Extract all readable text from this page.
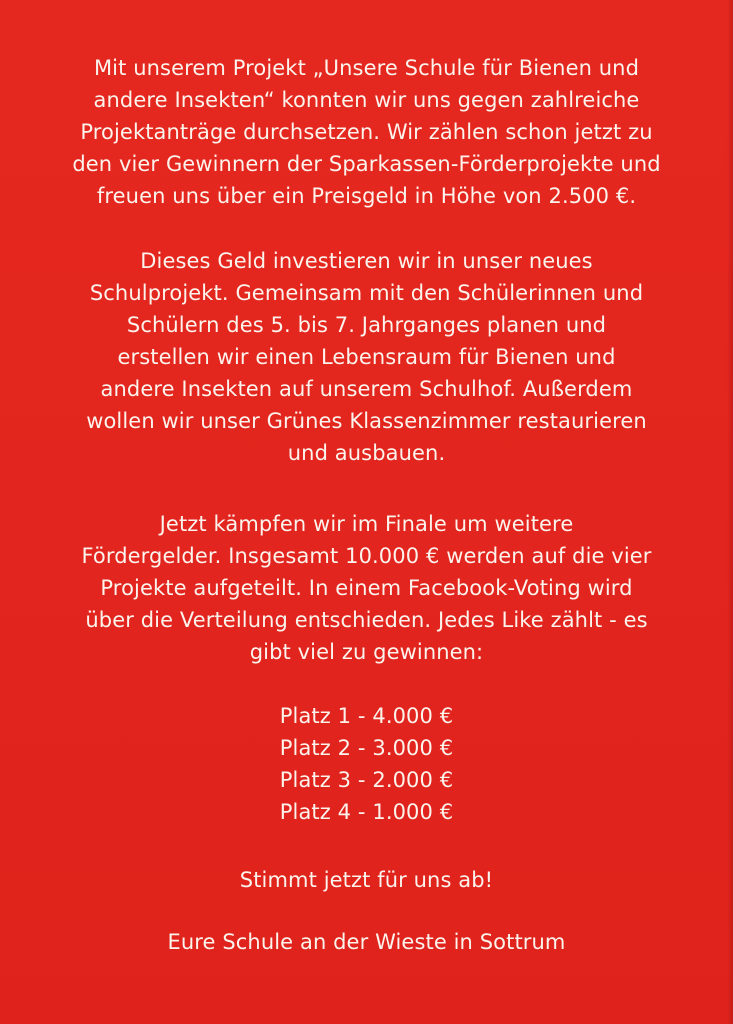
Mit unserem Projekt „Unsere Schule für Bienen und
andere Insekten“ konnten wir uns gegen zahlreiche
Projektanträge durchsetzen. Wir zählen schon jetzt zu
den vier Gewinnern der Sparkassen-Förderprojekte und
freuen uns über ein Preisgeld in Höhe von 2.500 €.
Dieses Geld investieren wir in unser neues
Schulprojekt. Gemeinsam mit den Schülerinnen und
Schülern des 5. bis 7. Jahrganges planen und
erstellen wir einen Lebensraum für Bienen und
andere Insekten auf unserem Schulhof. Außerdem
wollen wir unser Grünes Klassenzimmer restaurieren
und ausbauen.
Jetzt kämpfen wir im Finale um weitere
Fördergelder. Insgesamt 10.000 € werden auf die vier
Projekte aufgeteilt. In einem Facebook-Voting wird
über die Verteilung entschieden. Jedes Like zählt - es
gibt viel zu gewinnen:
Platz 1 - 4.000 €
Platz 2 - 3.000 €
Platz 3 - 2.000 €
Platz 4 - 1.000 €
Stimmt jetzt für uns ab!
Eure Schule an der Wieste in Sottrum
